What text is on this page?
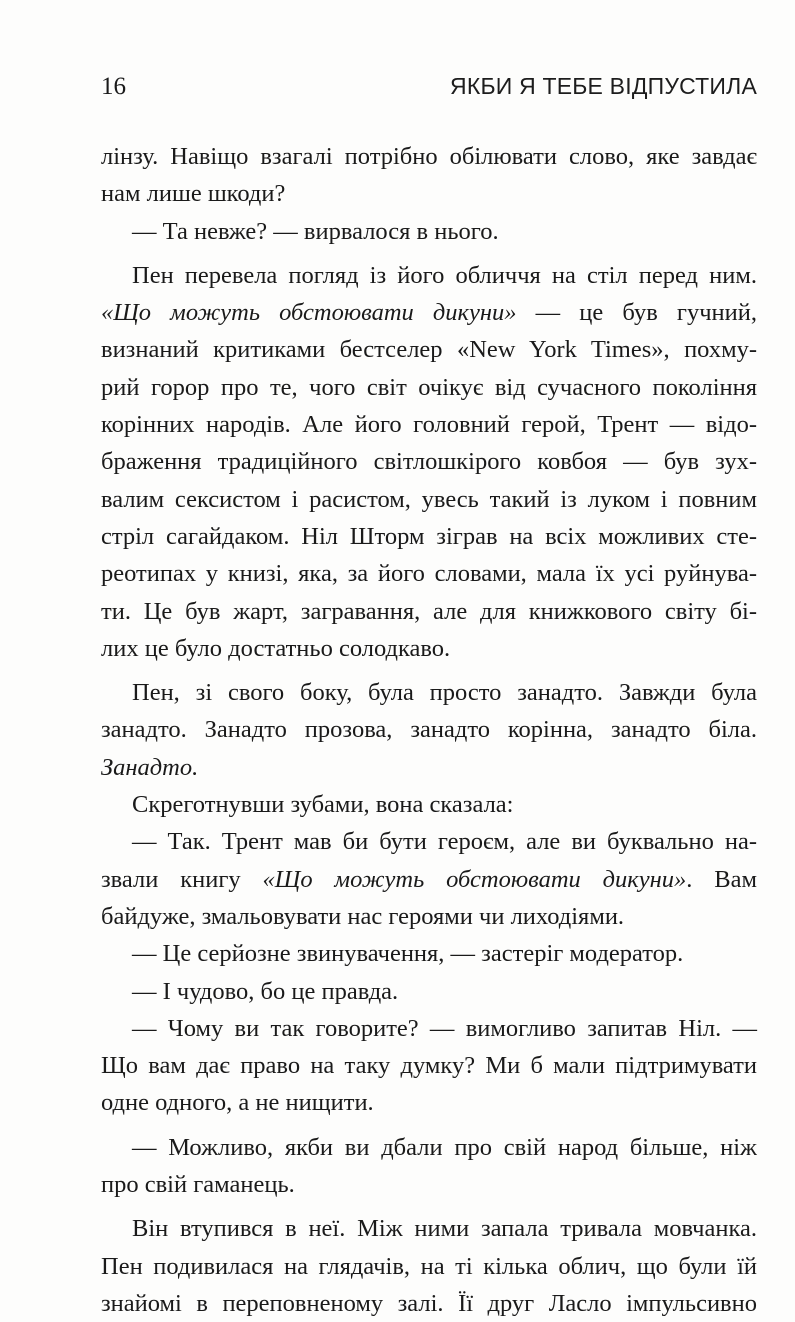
16	ЯКБИ Я ТЕБЕ ВІДПУСТИЛА
лінзу. Навіщо взагалі потрібно обілювати слово, яке завдає
нам лише шкоди?
— Та невже? — вирвалося в нього.
Пен перевела погляд із його обличчя на стіл перед ним.
«Що можуть обстоювати дикуни» — це був гучний,
визнаний критиками бестселер «New York Times», похму-
рий горор про те, чого світ очікує від сучасного покоління
корінних народів. Але його головний герой, Трент — відо-
браження традиційного світлошкірого ковбоя — був зух-
валим сексистом і расистом, увесь такий із луком і повним
стріл сагайдаком. Ніл Шторм зіграв на всіх можливих сте-
реотипах у книзі, яка, за його словами, мала їх усі руйнува-
ти. Це був жарт, загравання, але для книжкового світу бі-
лих це було достатньо солодкаво.
Пен, зі свого боку, була просто занадто. Завжди була
занадто. Занадто прозова, занадто корінна, занадто біла.
Занадто.
Скреготнувши зубами, вона сказала:
— Так. Трент мав би бути героєм, але ви буквально на-
звали книгу «Що можуть обстоювати дикуни». Вам
байдуже, змальовувати нас героями чи лиходіями.
— Це серйозне звинувачення, — застеріг модератор.
— І чудово, бо це правда.
— Чому ви так говорите? — вимогливо запитав Ніл. —
Що вам дає право на таку думку? Ми б мали підтримувати
одне одного, а не нищити.
— Можливо, якби ви дбали про свій народ більше, ніж
про свій гаманець.
Він втупився в неї. Між ними запала тривала мовчанка.
Пен подивилася на глядачів, на ті кілька облич, що були їй
знайомі в переповненому залі. Її друг Ласло імпульсивно
